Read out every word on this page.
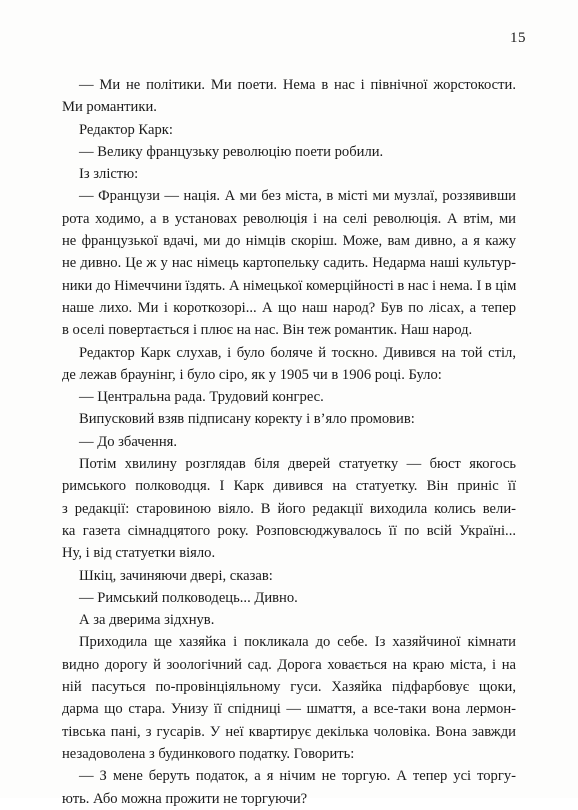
15
— Ми не політики. Ми поети. Нема в нас і північної жорстокости.
Ми романтики.
Редактор Карк:
— Велику французьку революцію поети робили.
Із злістю:
— Французи — нація. А ми без міста, в місті ми музлаї, роззявивши
рота ходимо, а в установах революція і на селі революція. А втім, ми
не французької вдачі, ми до німців скоріш. Може, вам дивно, а я кажу
не дивно. Це ж у нас німець картопельку садить. Недарма наші культур-
ники до Німеччини їздять. А німецької комерційності в нас і нема. І в цім
наше лихо. Ми і короткозорі... А що наш народ? Був по лісах, а тепер
в оселі повертається і плює на нас. Він теж романтик. Наш народ.
Редактор Карк слухав, і було боляче й тоскно. Дивився на той стіл,
де лежав браунінг, і було сіро, як у 1905 чи в 1906 році. Було:
— Центральна рада. Трудовий конгрес.
Випусковий взяв підписану коректу і в’яло промовив:
— До збачення.
Потім хвилину розглядав біля дверей статуетку — бюст якогось
римського полководця. І Карк дивився на статуетку. Він приніс її
з редакції: старовиною віяло. В його редакції виходила колись вели-
ка газета сімнадцятого року. Розповсюджувалось її по всій Україні...
Ну, і від статуетки віяло.
Шкіц, зачиняючи двері, сказав:
— Римський полководець... Дивно.
А за дверима зідхнув.
Приходила ще хазяйка і покликала до себе. Із хазяйчиної кімнати
видно дорогу й зоологічний сад. Дорога ховається на краю міста, і на
ній пасуться по-провінціяльному гуси. Хазяйка підфарбовує щоки,
дарма що стара. Унизу її спідниці — шмаття, а все-таки вона лермон-
тівська пані, з гусарів. У неї квартирує декілька чоловіка. Вона завжди
незадоволена з будинкового податку. Говорить:
— З мене беруть податок, а я нічим не торгую. А тепер усі торгу-
ють. Або можна прожити не торгуючи?
